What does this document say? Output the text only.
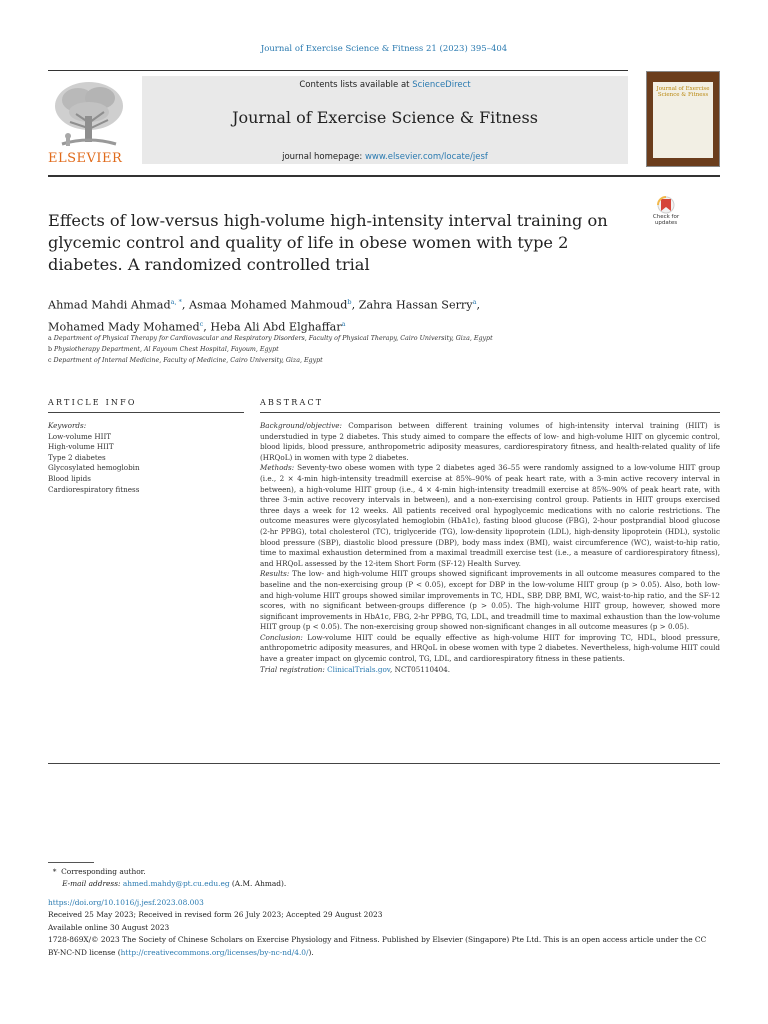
Journal of Exercise Science & Fitness 21 (2023) 395–404
ELSEVIER
Contents lists available at ScienceDirect
Journal of Exercise Science & Fitness
journal homepage: www.elsevier.com/locate/jesf
Journal of Exercise Science & Fitness
Effects of low-versus high-volume high-intensity interval training on glycemic control and quality of life in obese women with type 2 diabetes. A randomized controlled trial
Check for
updates
Ahmad Mahdi Ahmad$^{a, *}$, Asmaa Mohamed Mahmoud$^b$, Zahra Hassan Serry$^a$,
Mohamed Mady Mohamed$^c$, Heba Ali Abd Elghaffar$^a$
a Department of Physical Therapy for Cardiovascular and Respiratory Disorders, Faculty of Physical Therapy, Cairo University, Giza, Egypt
b Physiotherapy Department, Al Fayoum Chest Hospital, Fayoum, Egypt
c Department of Internal Medicine, Faculty of Medicine, Cairo University, Giza, Egypt
ARTICLE INFO	ABSTRACT
Keywords:
Low-volume HIIT
High-volume HIIT
Type 2 diabetes
Glycosylated hemoglobin
Blood lipids
Cardiorespiratory fitness
Background/objective: Comparison between different training volumes of high-intensity interval training (HIIT) is understudied in type 2 diabetes. This study aimed to compare the effects of low- and high-volume HIIT on glycemic control, blood lipids, blood pressure, anthropometric adiposity measures, cardiorespiratory fitness, and health-related quality of life (HRQoL) in women with type 2 diabetes.
Methods: Seventy-two obese women with type 2 diabetes aged 36–55 were randomly assigned to a low-volume HIIT group (i.e., 2 × 4-min high-intensity treadmill exercise at 85%–90% of peak heart rate, with a 3-min active recovery interval in between), a high-volume HIIT group (i.e., 4 × 4-min high-intensity treadmill exercise at 85%–90% of peak heart rate, with three 3-min active recovery intervals in between), and a non-exercising control group. Patients in HIIT groups exercised three days a week for 12 weeks. All patients received oral hypoglycemic medications with no calorie restrictions. The outcome measures were glycosylated hemoglobin (HbA1c), fasting blood glucose (FBG), 2-hour postprandial blood glucose (2-hr PPBG), total cholesterol (TC), triglyceride (TG), low-density lipoprotein (LDL), high-density lipoprotein (HDL), systolic blood pressure (SBP), diastolic blood pressure (DBP), body mass index (BMI), waist circumference (WC), waist-to-hip ratio, time to maximal exhaustion determined from a maximal treadmill exercise test (i.e., a measure of cardiorespiratory fitness), and HRQoL assessed by the 12-item Short Form (SF-12) Health Survey.
Results: The low- and high-volume HIIT groups showed significant improvements in all outcome measures compared to the baseline and the non-exercising group (P < 0.05), except for DBP in the low-volume HIIT group (p > 0.05). Also, both low- and high-volume HIIT groups showed similar improvements in TC, HDL, SBP, DBP, BMI, WC, waist-to-hip ratio, and the SF-12 scores, with no significant between-groups difference (p > 0.05). The high-volume HIIT group, however, showed more significant improvements in HbA1c, FBG, 2-hr PPBG, TG, LDL, and treadmill time to maximal exhaustion than the low-volume HIIT group (p < 0.05). The non-exercising group showed non-significant changes in all outcome measures (p > 0.05).
Conclusion: Low-volume HIIT could be equally effective as high-volume HIIT for improving TC, HDL, blood pressure, anthropometric adiposity measures, and HRQoL in obese women with type 2 diabetes. Nevertheless, high-volume HIIT could have a greater impact on glycemic control, TG, LDL, and cardiorespiratory fitness in these patients.
Trial registration: ClinicalTrials.gov, NCT05110404.
* Corresponding author.
E-mail address: ahmed.mahdy@pt.cu.edu.eg (A.M. Ahmad).
https://doi.org/10.1016/j.jesf.2023.08.003
Received 25 May 2023; Received in revised form 26 July 2023; Accepted 29 August 2023
Available online 30 August 2023
1728-869X/© 2023 The Society of Chinese Scholars on Exercise Physiology and Fitness. Published by Elsevier (Singapore) Pte Ltd. This is an open access article under the CC BY-NC-ND license (http://creativecommons.org/licenses/by-nc-nd/4.0/).
